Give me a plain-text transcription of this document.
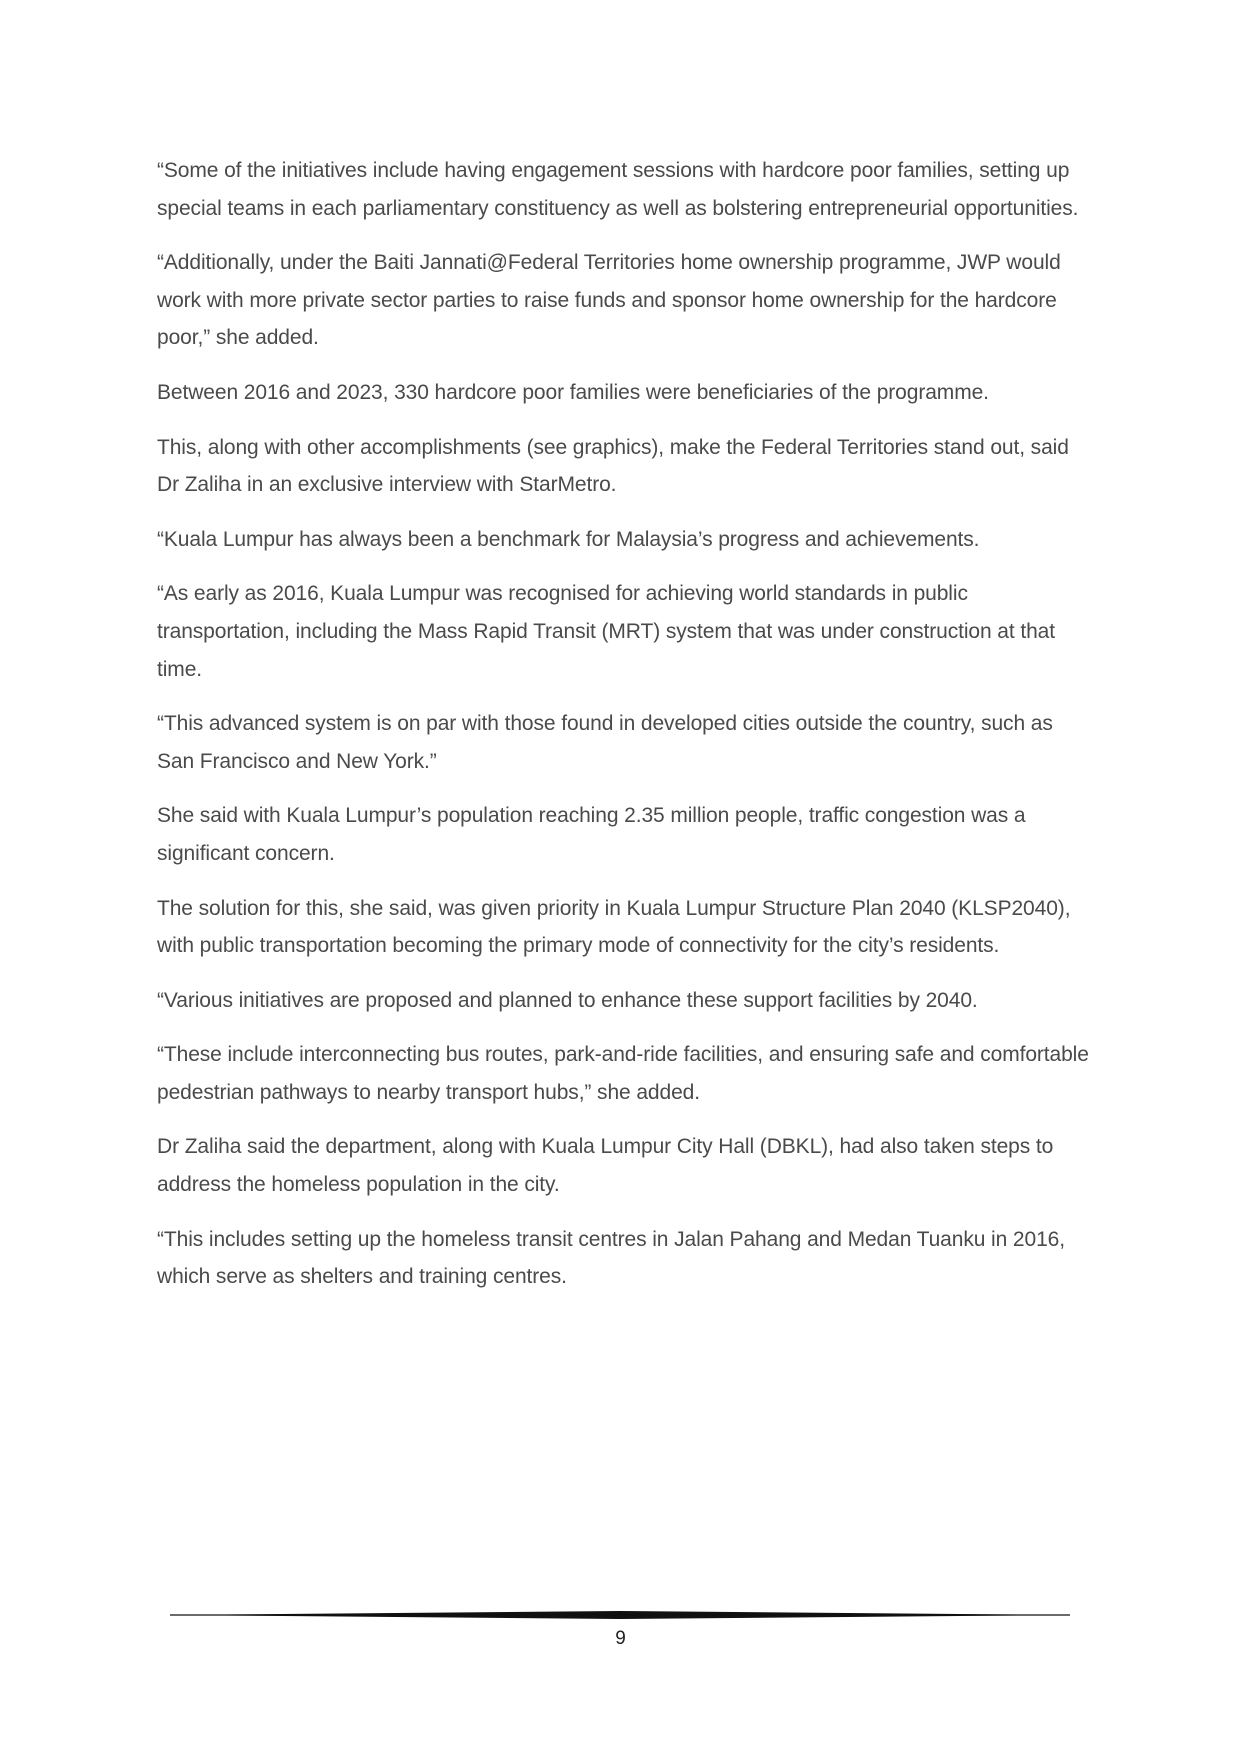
“Some of the initiatives include having engagement sessions with hardcore poor families, setting up special teams in each parliamentary constituency as well as bolstering entrepreneurial opportunities.

“Additionally, under the Baiti Jannati@Federal Territories home ownership programme, JWP would work with more private sector parties to raise funds and sponsor home ownership for the hardcore poor,” she added.

Between 2016 and 2023, 330 hardcore poor families were beneficiaries of the programme.

This, along with other accomplishments (see graphics), make the Federal Territories stand out, said Dr Zaliha in an exclusive interview with StarMetro.

“Kuala Lumpur has always been a benchmark for Malaysia’s progress and achievements.

“As early as 2016, Kuala Lumpur was recognised for achieving world standards in public transportation, including the Mass Rapid Transit (MRT) system that was under construction at that time.

“This advanced system is on par with those found in developed cities outside the country, such as San Francisco and New York.”

She said with Kuala Lumpur’s population reaching 2.35 million people, traffic congestion was a significant concern.

The solution for this, she said, was given priority in Kuala Lumpur Structure Plan 2040 (KLSP2040), with public transportation becoming the primary mode of connectivity for the city’s residents.

“Various initiatives are proposed and planned to enhance these support facilities by 2040.

“These include interconnecting bus routes, park-and-ride facilities, and ensuring safe and comfortable pedestrian pathways to nearby transport hubs,” she added.

Dr Zaliha said the department, along with Kuala Lumpur City Hall (DBKL), had also taken steps to address the homeless population in the city.

“This includes setting up the homeless transit centres in Jalan Pahang and Medan Tuanku in 2016, which serve as shelters and training centres.

9
